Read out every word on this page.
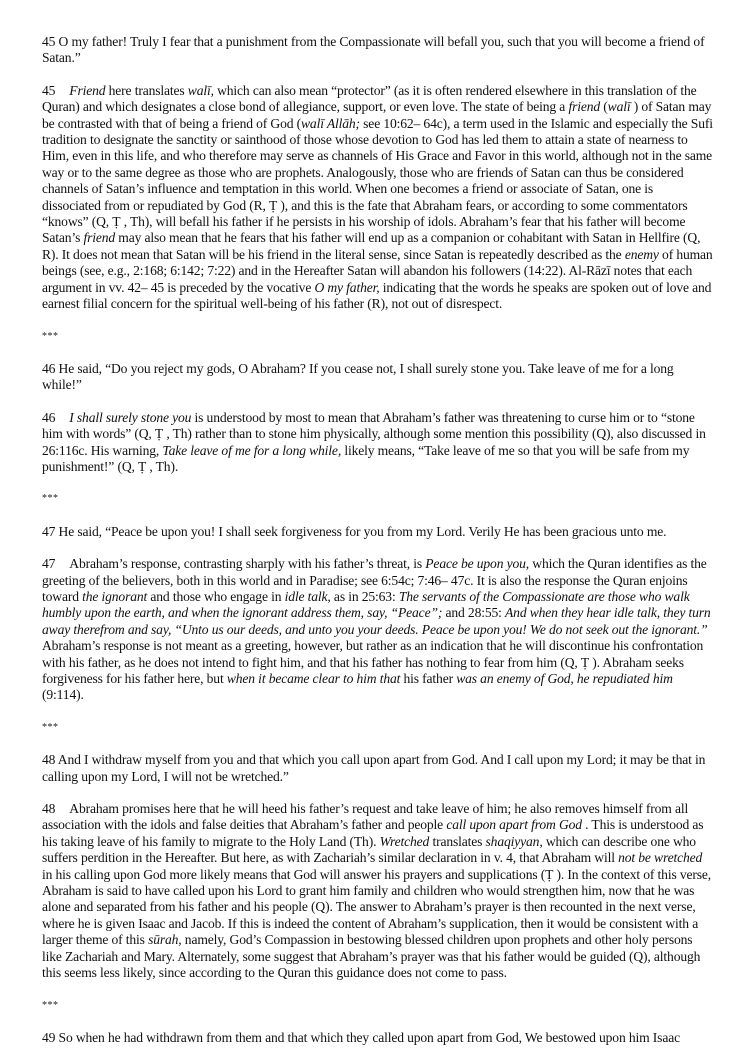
45 O my father! Truly I fear that a punishment from the Compassionate will befall you, such that you will become a friend of Satan.”

45 Friend here translates walī, which can also mean “protector” (as it is often rendered elsewhere in this translation of the Quran) and which designates a close bond of allegiance, support, or even love. The state of being a friend (walī ) of Satan may be contrasted with that of being a friend of God (walī Allāh; see 10:62– 64c), a term used in the Islamic and especially the Sufi tradition to designate the sanctity or sainthood of those whose devotion to God has led them to attain a state of nearness to Him, even in this life, and who therefore may serve as channels of His Grace and Favor in this world, although not in the same way or to the same degree as those who are prophets. Analogously, those who are friends of Satan can thus be considered channels of Satan’s influence and temptation in this world. When one becomes a friend or associate of Satan, one is dissociated from or repudiated by God (R, Ṭ ), and this is the fate that Abraham fears, or according to some commentators “knows” (Q, Ṭ , Th), will befall his father if he persists in his worship of idols. Abraham’s fear that his father will become Satan’s friend may also mean that he fears that his father will end up as a companion or cohabitant with Satan in Hellfire (Q, R). It does not mean that Satan will be his friend in the literal sense, since Satan is repeatedly described as the enemy of human beings (see, e.g., 2:168; 6:142; 7:22) and in the Hereafter Satan will abandon his followers (14:22). Al-Rāzī notes that each argument in vv. 42– 45 is preceded by the vocative O my father, indicating that the words he speaks are spoken out of love and earnest filial concern for the spiritual well-being of his father (R), not out of disrespect.

***

46 He said, “Do you reject my gods, O Abraham? If you cease not, I shall surely stone you. Take leave of me for a long while!”

46 I shall surely stone you is understood by most to mean that Abraham’s father was threatening to curse him or to “stone him with words” (Q, Ṭ , Th) rather than to stone him physically, although some mention this possibility (Q), also discussed in 26:116c. His warning, Take leave of me for a long while, likely means, “Take leave of me so that you will be safe from my punishment!” (Q, Ṭ , Th).

***

47 He said, “Peace be upon you! I shall seek forgiveness for you from my Lord. Verily He has been gracious unto me.

47 Abraham’s response, contrasting sharply with his father’s threat, is Peace be upon you, which the Quran identifies as the greeting of the believers, both in this world and in Paradise; see 6:54c; 7:46– 47c. It is also the response the Quran enjoins toward the ignorant and those who engage in idle talk, as in 25:63: The servants of the Compassionate are those who walk humbly upon the earth, and when the ignorant address them, say, “Peace”; and 28:55: And when they hear idle talk, they turn away therefrom and say, “Unto us our deeds, and unto you your deeds. Peace be upon you! We do not seek out the ignorant.” Abraham’s response is not meant as a greeting, however, but rather as an indication that he will discontinue his confrontation with his father, as he does not intend to fight him, and that his father has nothing to fear from him (Q, Ṭ ). Abraham seeks forgiveness for his father here, but when it became clear to him that his father was an enemy of God, he repudiated him (9:114).

***

48 And I withdraw myself from you and that which you call upon apart from God. And I call upon my Lord; it may be that in calling upon my Lord, I will not be wretched.”

48 Abraham promises here that he will heed his father’s request and take leave of him; he also removes himself from all association with the idols and false deities that Abraham’s father and people call upon apart from God . This is understood as his taking leave of his family to migrate to the Holy Land (Th). Wretched translates shaqiyyan, which can describe one who suffers perdition in the Hereafter. But here, as with Zachariah’s similar declaration in v. 4, that Abraham will not be wretched in his calling upon God more likely means that God will answer his prayers and supplications (Ṭ ). In the context of this verse, Abraham is said to have called upon his Lord to grant him family and children who would strengthen him, now that he was alone and separated from his father and his people (Q). The answer to Abraham’s prayer is then recounted in the next verse, where he is given Isaac and Jacob. If this is indeed the content of Abraham’s supplication, then it would be consistent with a larger theme of this sūrah, namely, God’s Compassion in bestowing blessed children upon prophets and other holy persons like Zachariah and Mary. Alternately, some suggest that Abraham’s prayer was that his father would be guided (Q), although this seems less likely, since according to the Quran this guidance does not come to pass.

***

49 So when he had withdrawn from them and that which they called upon apart from God, We bestowed upon him Isaac
